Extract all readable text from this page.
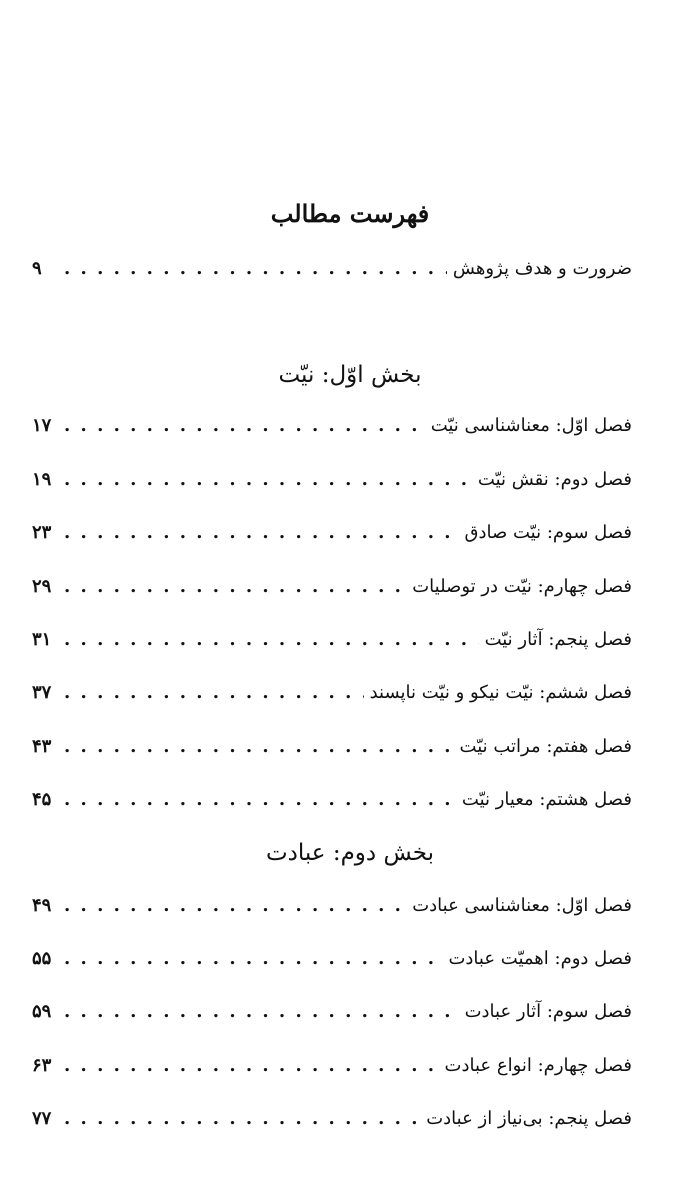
فهرست مطالب
ضرورت و هدف پژوهش
. . .
۹
بخش اوّل: نیّت
فصل اوّل: معناشناسی نیّت
. . .
۱۷
فصل دوم: نقش نیّت
. . .
۱۹
فصل سوم: نیّت صادق
. . .
۲۳
فصل چهارم: نیّت در توصلیات
. . .
۲۹
فصل پنجم: آثار نیّت
. . .
۳۱
فصل ششم: نیّت نیکو و نیّت ناپسند
. . .
۳۷
فصل هفتم: مراتب نیّت
. . .
۴۳
فصل هشتم: معیار نیّت
. . .
۴۵
بخش دوم: عبادت
فصل اوّل: معناشناسی عبادت
. . .
۴۹
فصل دوم: اهمیّت عبادت
. . .
۵۵
فصل سوم: آثار عبادت
. . .
۵۹
فصل چهارم: انواع عبادت
. . .
۶۳
فصل پنجم: بی‌نیاز از عبادت
. . .
۷۷
